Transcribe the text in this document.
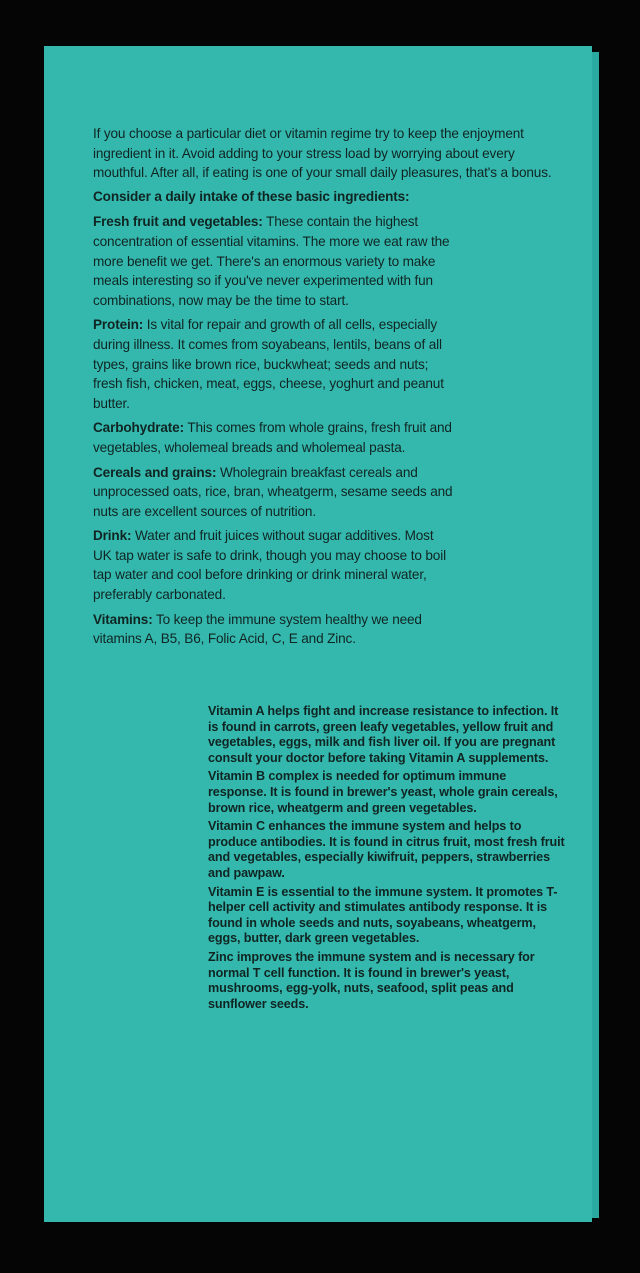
If you choose a particular diet or vitamin regime try to keep the enjoyment ingredient in it. Avoid adding to your stress load by worrying about every mouthful. After all, if eating is one of your small daily pleasures, that's a bonus.

Consider a daily intake of these basic ingredients:

Fresh fruit and vegetables: These contain the highest concentration of essential vitamins. The more we eat raw the more benefit we get. There's an enormous variety to make meals interesting so if you've never experimented with fun combinations, now may be the time to start.

Protein: Is vital for repair and growth of all cells, especially during illness. It comes from soyabeans, lentils, beans of all types, grains like brown rice, buckwheat; seeds and nuts; fresh fish, chicken, meat, eggs, cheese, yoghurt and peanut butter.

Carbohydrate: This comes from whole grains, fresh fruit and vegetables, wholemeal breads and wholemeal pasta.

Cereals and grains: Wholegrain breakfast cereals and unprocessed oats, rice, bran, wheatgerm, sesame seeds and nuts are excellent sources of nutrition.

Drink: Water and fruit juices without sugar additives. Most UK tap water is safe to drink, though you may choose to boil tap water and cool before drinking or drink mineral water, preferably carbonated.

Vitamins: To keep the immune system healthy we need vitamins A, B5, B6, Folic Acid, C, E and Zinc.

Vitamin A helps fight and increase resistance to infection. It is found in carrots, green leafy vegetables, yellow fruit and vegetables, eggs, milk and fish liver oil. If you are pregnant consult your doctor before taking Vitamin A supplements.

Vitamin B complex is needed for optimum immune response. It is found in brewer's yeast, whole grain cereals, brown rice, wheatgerm and green vegetables.

Vitamin C enhances the immune system and helps to produce antibodies. It is found in citrus fruit, most fresh fruit and vegetables, especially kiwifruit, peppers, strawberries and pawpaw.

Vitamin E is essential to the immune system. It promotes T-helper cell activity and stimulates antibody response. It is found in whole seeds and nuts, soyabeans, wheatgerm, eggs, butter, dark green vegetables.

Zinc improves the immune system and is necessary for normal T cell function. It is found in brewer's yeast, mushrooms, egg-yolk, nuts, seafood, split peas and sunflower seeds.
